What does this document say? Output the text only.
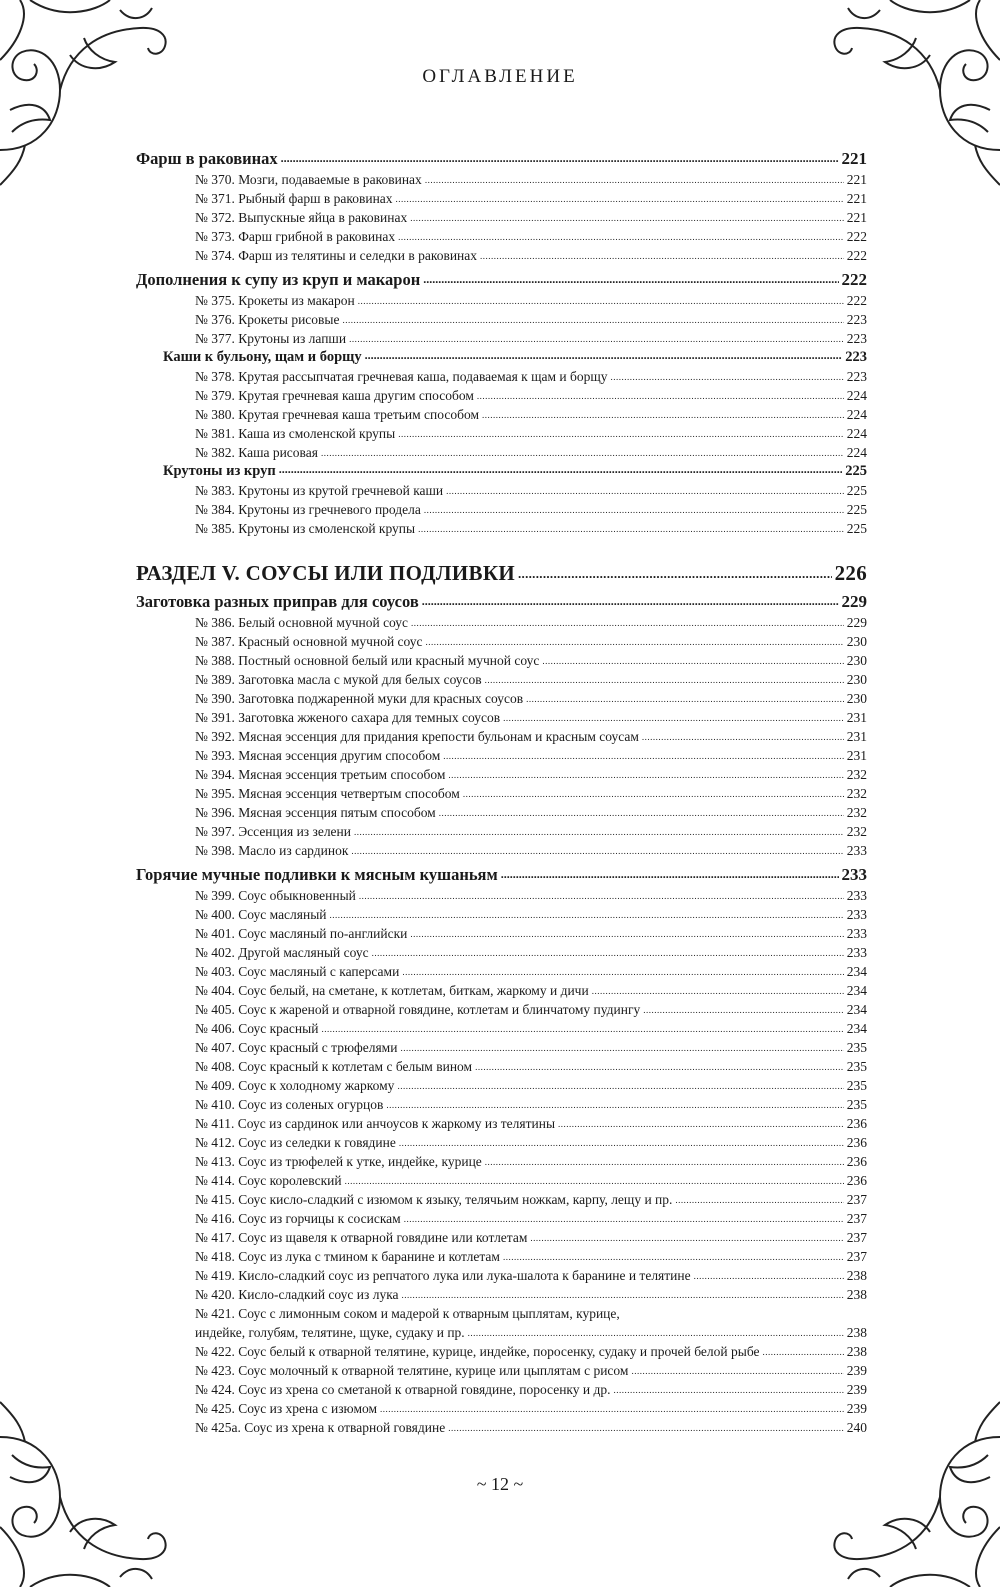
ОГЛАВЛЕНИЕ
Фарш в раковинах .....	221
№ 370. Мозги, подаваемые в раковинах .....	221
№ 371. Рыбный фарш в раковинах .....	221
№ 372. Выпускные яйца в раковинах .....	221
№ 373. Фарш грибной в раковинах .....	222
№ 374. Фарш из телятины и селедки в раковинах .....	222
Дополнения к супу из круп и макарон .....	222
№ 375. Крокеты из макарон .....	222
№ 376. Крокеты рисовые .....	223
№ 377. Крутоны из лапши .....	223
Каши к бульону, щам и борщу .....	223
№ 378. Крутая рассыпчатая гречневая каша, подаваемая к щам и борщу .....	223
№ 379. Крутая гречневая каша другим способом .....	224
№ 380. Крутая гречневая каша третьим способом .....	224
№ 381. Каша из смоленской крупы .....	224
№ 382. Каша рисовая .....	224
Крутоны из круп .....	225
№ 383. Крутоны из крутой гречневой каши .....	225
№ 384. Крутоны из гречневого продела .....	225
№ 385. Крутоны из смоленской крупы .....	225
РАЗДЕЛ V. СОУСЫ ИЛИ ПОДЛИВКИ .....	226
Заготовка разных приправ для соусов .....	229
№ 386. Белый основной мучной соус .....	229
№ 387. Красный основной мучной соус .....	230
№ 388. Постный основной белый или красный мучной соус .....	230
№ 389. Заготовка масла с мукой для белых соусов .....	230
№ 390. Заготовка поджаренной муки для красных соусов .....	230
№ 391. Заготовка жженого сахара для темных соусов .....	231
№ 392. Мясная эссенция для придания крепости бульонам и красным соусам .....	231
№ 393. Мясная эссенция другим способом .....	231
№ 394. Мясная эссенция третьим способом .....	232
№ 395. Мясная эссенция четвертым способом .....	232
№ 396. Мясная эссенция пятым способом .....	232
№ 397. Эссенция из зелени .....	232
№ 398. Масло из сардинок .....	233
Горячие мучные подливки к мясным кушаньям .....	233
№ 399. Соус обыкновенный .....	233
№ 400. Соус масляный .....	233
№ 401. Соус масляный по-английски .....	233
№ 402. Другой масляный соус .....	233
№ 403. Соус масляный с каперсами .....	234
№ 404. Соус белый, на сметане, к котлетам, биткам, жаркому и дичи .....	234
№ 405. Соус к жареной и отварной говядине, котлетам и блинчатому пудингу .....	234
№ 406. Соус красный .....	234
№ 407. Соус красный с трюфелями .....	235
№ 408. Соус красный к котлетам с белым вином .....	235
№ 409. Соус к холодному жаркому .....	235
№ 410. Соус из соленых огурцов .....	235
№ 411. Соус из сардинок или анчоусов к жаркому из телятины .....	236
№ 412. Соус из селедки к говядине .....	236
№ 413. Соус из трюфелей к утке, индейке, курице .....	236
№ 414. Соус королевский .....	236
№ 415. Соус кисло-сладкий с изюмом к языку, телячьим ножкам, карпу, лещу и пр. .....	237
№ 416. Соус из горчицы к сосискам .....	237
№ 417. Соус из щавеля к отварной говядине или котлетам .....	237
№ 418. Соус из лука с тмином к баранине и котлетам .....	237
№ 419. Кисло-сладкий соус из репчатого лука или лука-шалота к баранине и телятине .....	238
№ 420. Кисло-сладкий соус из лука .....	238
№ 421. Соус с лимонным соком и мадерой к отварным цыплятам, курице,
индейке, голубям, телятине, щуке, судаку и пр. .....	238
№ 422. Соус белый к отварной телятине, курице, индейке, поросенку, судаку и прочей белой рыбе .....	238
№ 423. Соус молочный к отварной телятине, курице или цыплятам с рисом .....	239
№ 424. Соус из хрена со сметаной к отварной говядине, поросенку и др. .....	239
№ 425. Соус из хрена с изюмом .....	239
№ 425а. Соус из хрена к отварной говядине .....	240
~ 12 ~
